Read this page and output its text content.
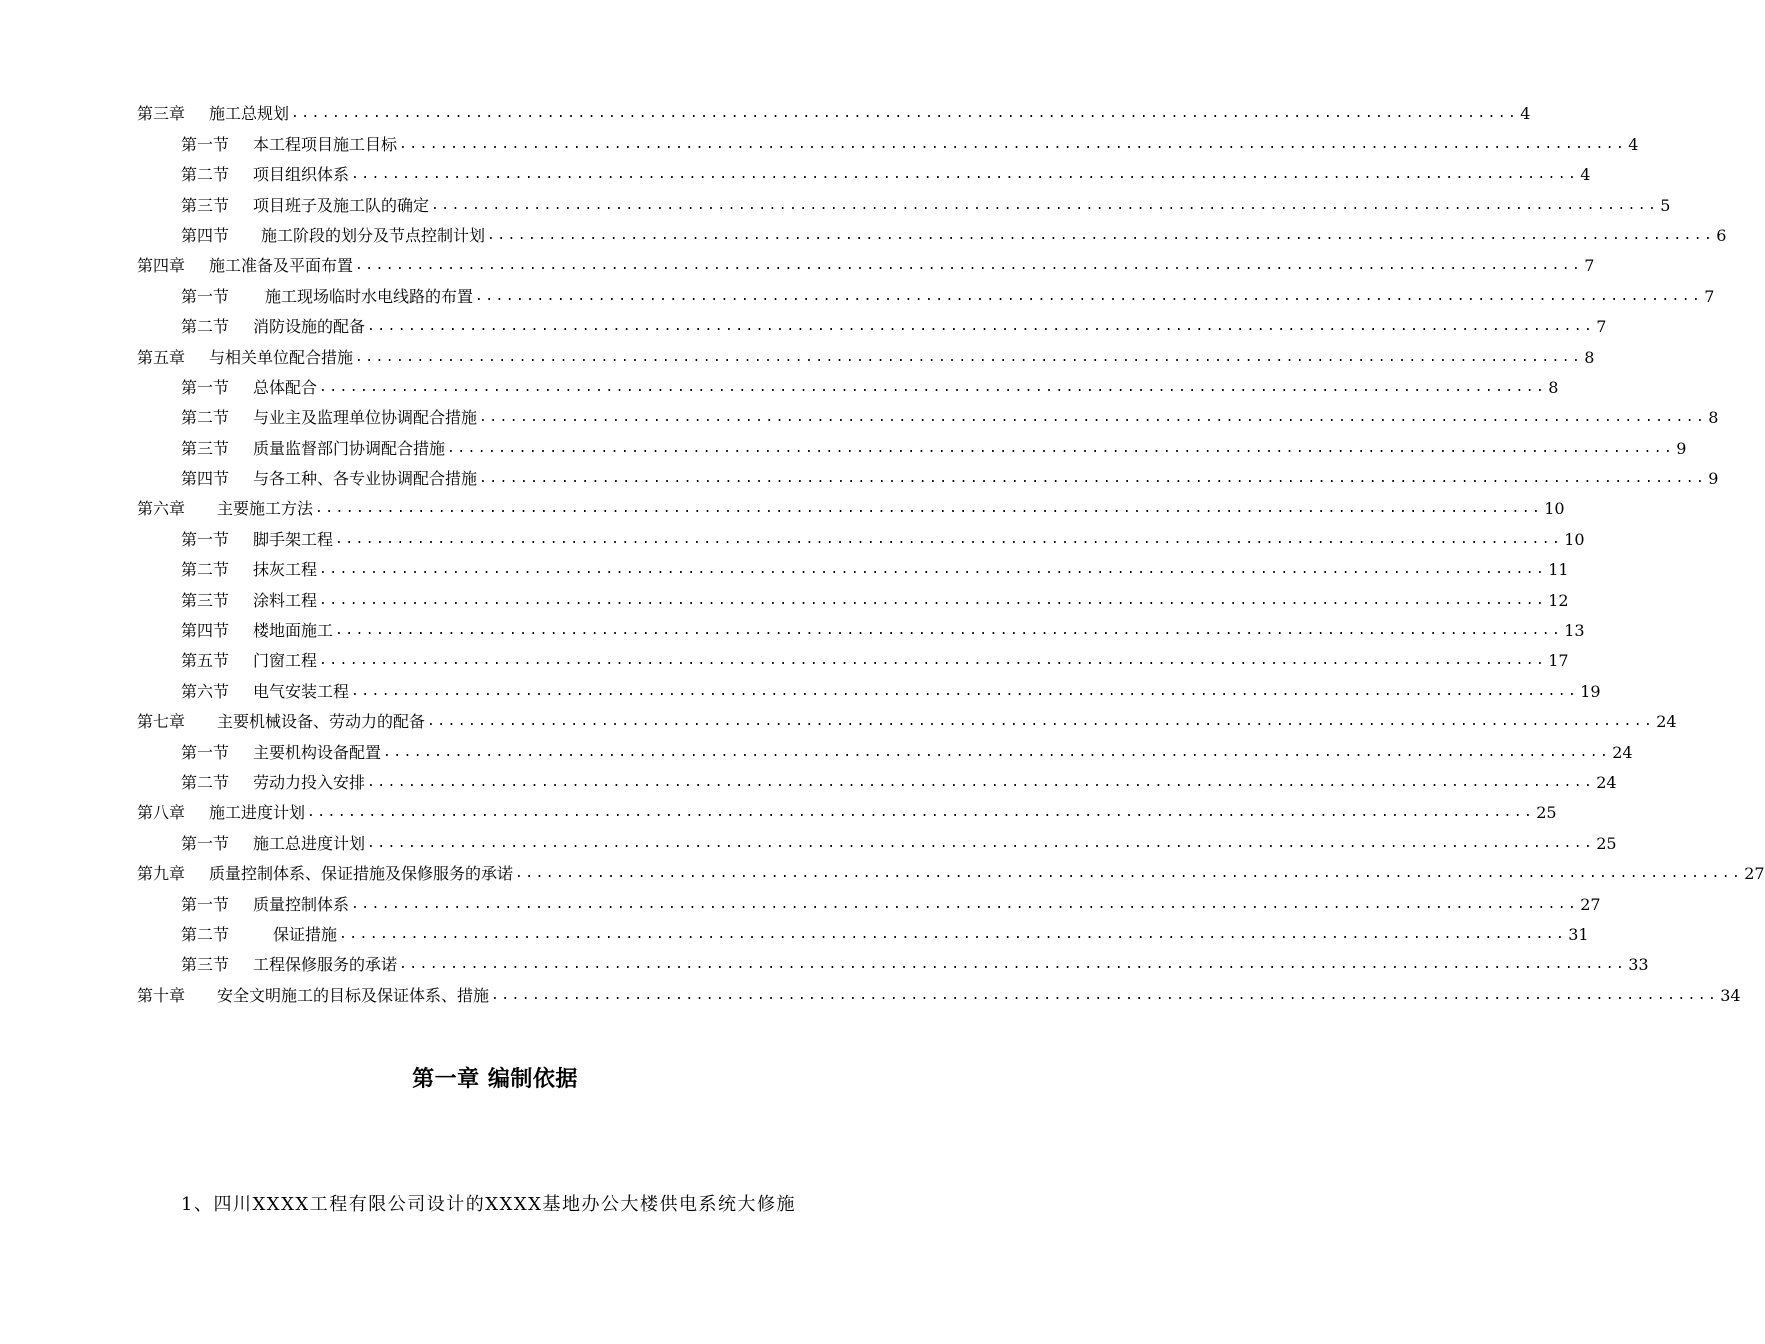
第三章 施工总规划 ........................................................................................................................ 4
第一节 本工程项目施工目标 ........................................................................................................................ 4
第二节 项目组织体系 ........................................................................................................................ 4
第三节 项目班子及施工队的确定 ........................................................................................................................ 5
第四节 施工阶段的划分及节点控制计划 ........................................................................................................................ 6
第四章 施工准备及平面布置 ........................................................................................................................ 7
第一节 施工现场临时水电线路的布置 ........................................................................................................................ 7
第二节 消防设施的配备 ........................................................................................................................ 7
第五章 与相关单位配合措施 ........................................................................................................................ 8
第一节 总体配合 ........................................................................................................................ 8
第二节 与业主及监理单位协调配合措施 ........................................................................................................................ 8
第三节 质量监督部门协调配合措施 ........................................................................................................................ 9
第四节 与各工种、各专业协调配合措施 ........................................................................................................................ 9
第六章 主要施工方法 ........................................................................................................................ 10
第一节 脚手架工程 ........................................................................................................................ 10
第二节 抹灰工程 ........................................................................................................................ 11
第三节 涂料工程 ........................................................................................................................ 12
第四节 楼地面施工 ........................................................................................................................ 13
第五节 门窗工程 ........................................................................................................................ 17
第六节 电气安装工程 ........................................................................................................................ 19
第七章 主要机械设备、劳动力的配备 ........................................................................................................................ 24
第一节 主要机构设备配置 ........................................................................................................................ 24
第二节 劳动力投入安排 ........................................................................................................................ 24
第八章 施工进度计划 ........................................................................................................................ 25
第一节 施工总进度计划 ........................................................................................................................ 25
第九章 质量控制体系、保证措施及保修服务的承诺 ........................................................................................................................ 27
第一节 质量控制体系 ........................................................................................................................ 27
第二节	保证措施 ........................................................................................................................ 31
第三节 工程保修服务的承诺 ........................................................................................................................ 33
第十章 安全文明施工的目标及保证体系、措施 ........................................................................................................................ 34
第一章 编制依据
1、四川XXXX工程有限公司设计的XXXX基地办公大楼供电系统大修施
